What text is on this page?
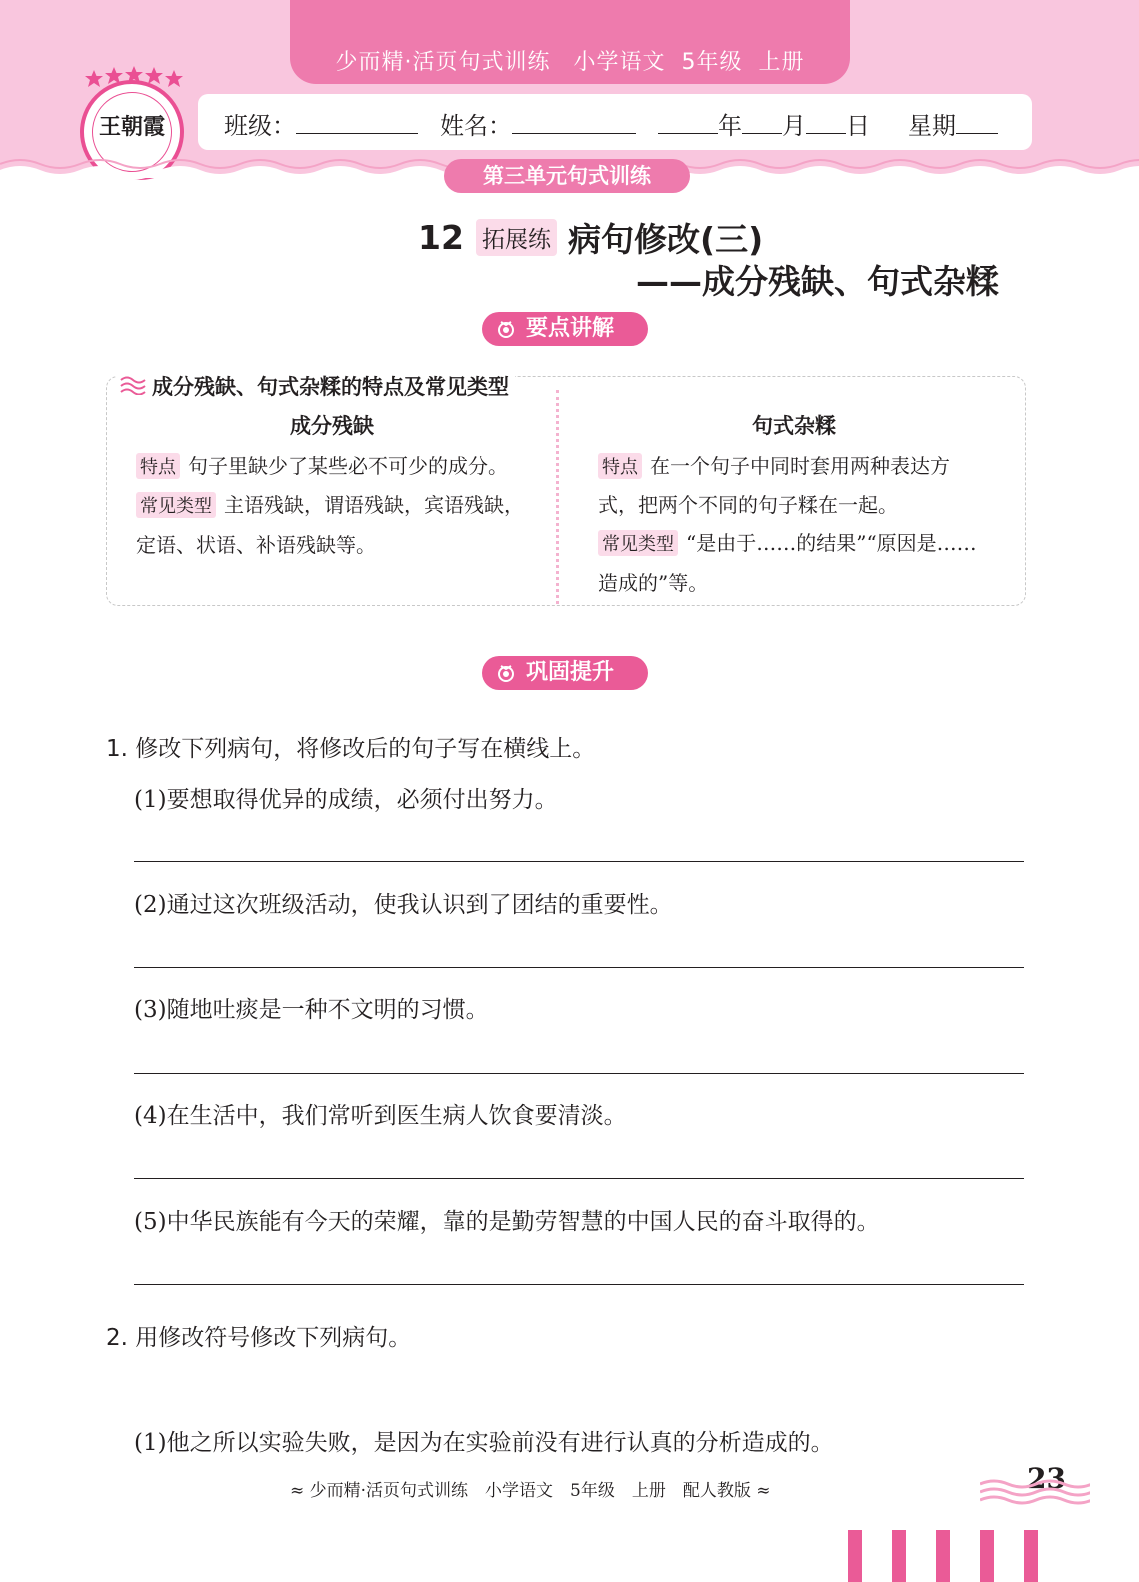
少而精·活页句式训练　小学语文  5年级  上册
班级：	姓名：	年 月 日 星期
王朝霞
第三单元句式训练
12 拓展练 病句修改(三)
——成分残缺、句式杂糅
要点讲解
成分残缺、句式杂糅的特点及常见类型
成分残缺
特点 句子里缺少了某些必不可少的成分。
常见类型 主语残缺，谓语残缺，宾语残缺，
定语、状语、补语残缺等。
句式杂糅
特点 在一个句子中同时套用两种表达方
式，把两个不同的句子糅在一起。
常见类型 “是由于……的结果”“原因是……
造成的”等。
巩固提升
1. 修改下列病句，将修改后的句子写在横线上。
(1)要想取得优异的成绩，必须付出努力。
(2)通过这次班级活动，使我认识到了团结的重要性。
(3)随地吐痰是一种不文明的习惯。
(4)在生活中，我们常听到医生病人饮食要清淡。
(5)中华民族能有今天的荣耀，靠的是勤劳智慧的中国人民的奋斗取得的。
2. 用修改符号修改下列病句。
(1)他之所以实验失败，是因为在实验前没有进行认真的分析造成的。
≈ 少而精·活页句式训练　小学语文　5年级　上册　配人教版 ≈	23
